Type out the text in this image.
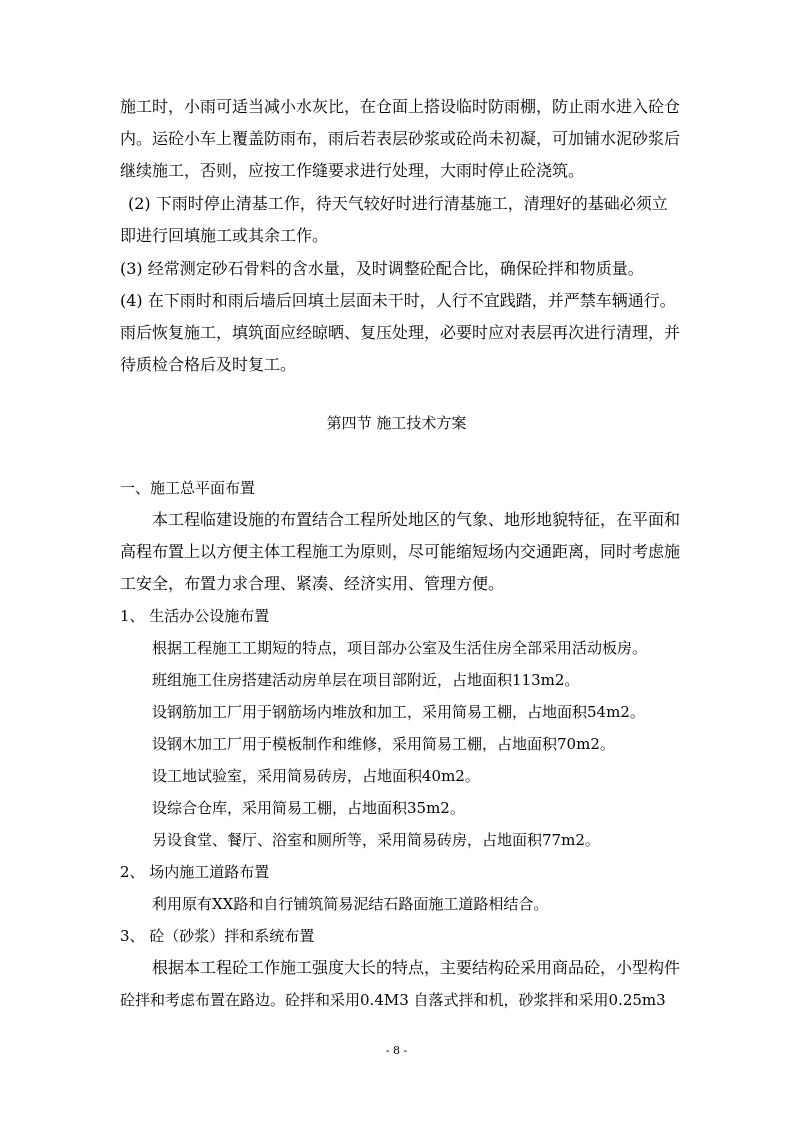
施工时，小雨可适当减小水灰比，在仓面上搭设临时防雨棚，防止雨水进入砼仓

内。运砼小车上覆盖防雨布，雨后若表层砂浆或砼尚未初凝，可加铺水泥砂浆后

继续施工，否则，应按工作缝要求进行处理，大雨时停止砼浇筑。

(2) 下雨时停止清基工作，待天气较好时进行清基施工，清理好的基础必须立

即进行回填施工或其余工作。

(3) 经常测定砂石骨料的含水量，及时调整砼配合比，确保砼拌和物质量。

(4) 在下雨时和雨后墙后回填土层面未干时，人行不宜践踏，并严禁车辆通行。

雨后恢复施工，填筑面应经晾晒、复压处理，必要时应对表层再次进行清理，并

待质检合格后及时复工。

第四节 施工技术方案

一、施工总平面布置

本工程临建设施的布置结合工程所处地区的气象、地形地貌特征，在平面和

高程布置上以方便主体工程施工为原则，尽可能缩短场内交通距离，同时考虑施

工安全，布置力求合理、紧凑、经济实用、管理方便。

1、 生活办公设施布置

根据工程施工工期短的特点，项目部办公室及生活住房全部采用活动板房。

班组施工住房搭建活动房单层在项目部附近，占地面积113m2。

设钢筋加工厂用于钢筋场内堆放和加工，采用简易工棚，占地面积54m2。

设钢木加工厂用于模板制作和维修，采用简易工棚，占地面积70m2。

设工地试验室，采用简易砖房，占地面积40m2。

设综合仓库，采用简易工棚，占地面积35m2。

另设食堂、餐厅、浴室和厕所等，采用简易砖房，占地面积77m2。

2、 场内施工道路布置

利用原有XX路和自行铺筑简易泥结石路面施工道路相结合。

3、 砼（砂浆）拌和系统布置

根据本工程砼工作施工强度大长的特点，主要结构砼采用商品砼，小型构件

砼拌和考虑布置在路边。砼拌和采用0.4M3 自落式拌和机，砂浆拌和采用0.25m3

- 8 -
